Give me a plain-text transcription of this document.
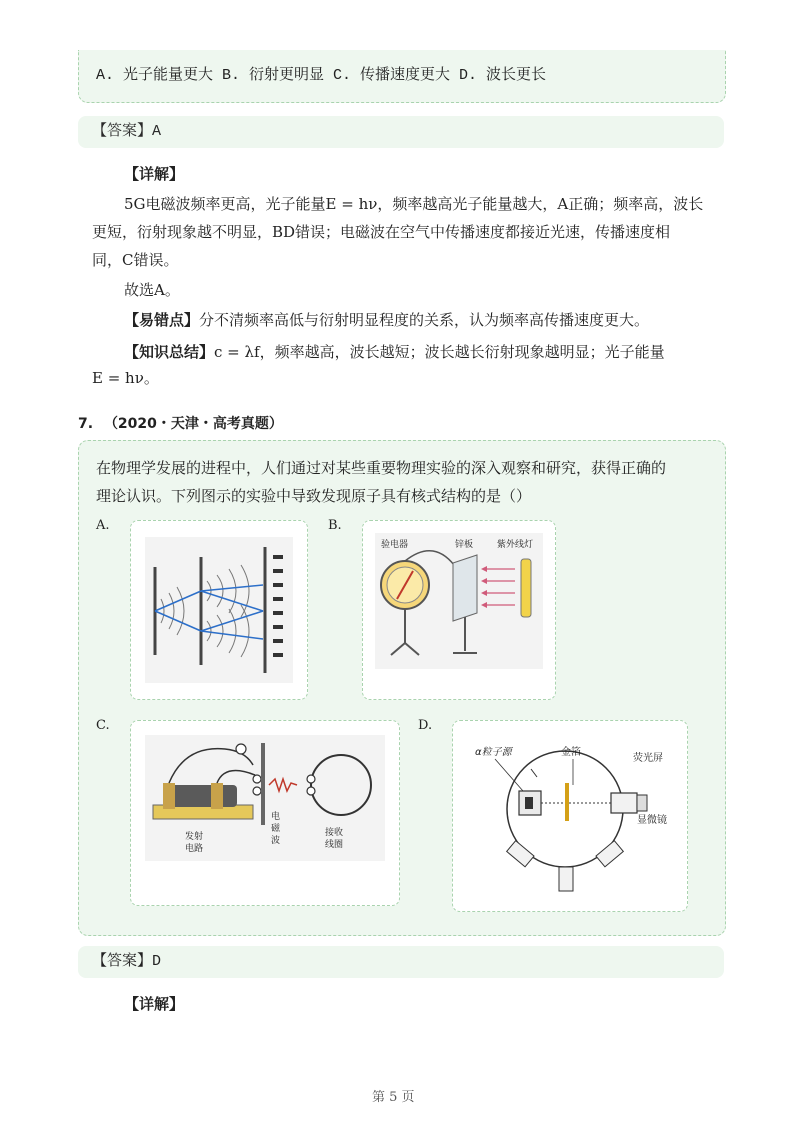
A. 光子能量更大 B. 衍射更明显 C. 传播速度更大 D. 波长更长
【答案】A
【详解】
5G电磁波频率更高，光子能量E = hν，频率越高光子能量越大，A正确；频率高，波长
更短，衍射现象越不明显，BD错误；电磁波在空气中传播速度都接近光速，传播速度相
同，C错误。
故选A。
【易错点】分不清频率高低与衍射明显程度的关系，认为频率高传播速度更大。
【知识总结】c = λf，频率越高，波长越短；波长越长衍射现象越明显；光子能量
E = hν。
7. （2020・天津・高考真题）
在物理学发展的进程中，人们通过对某些重要物理实验的深入观察和研究，获得正确的
理论认识。下列图示的实验中导致发现原子具有核式结构的是（）
A.	B.
验电器	锌板	紫外线灯
C.
发射
电路
电
磁
波
接收
线圈
D.
α粒子源	金箔
荧光屏
显微镜
【答案】D
【详解】
第 5 页
